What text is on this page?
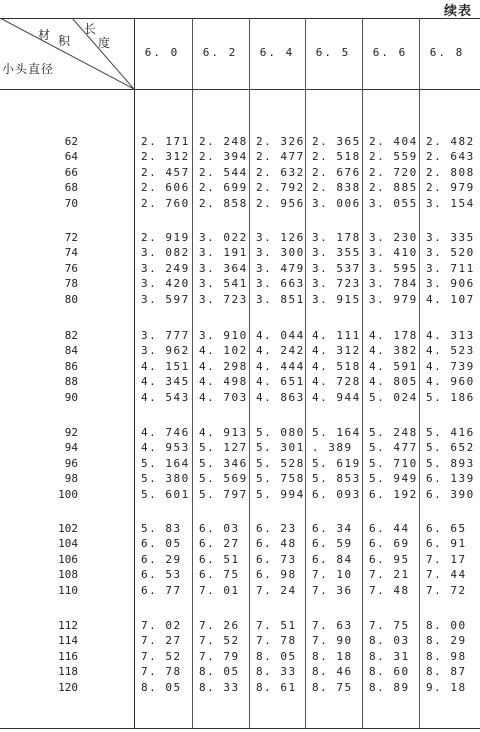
续表
长
度
材 积
小头直径
6. 0	6. 2	6. 4	6. 5	6. 6	6. 8
62	2. 171 2. 248 2. 326 2. 365 2. 404 2. 482
64	2. 312 2. 394 2. 477 2. 518 2. 559 2. 643
66	2. 457 2. 544 2. 632 2. 676 2. 720 2. 808
68	2. 606 2. 699 2. 792 2. 838 2. 885 2. 979
70	2. 760 2. 858 2. 956 3. 006 3. 055 3. 154
72	2. 919 3. 022 3. 126 3. 178 3. 230 3. 335
74	3. 082 3. 191 3. 300 3. 355 3. 410 3. 520
76	3. 249 3. 364 3. 479 3. 537 3. 595 3. 711
78	3. 420 3. 541 3. 663 3. 723 3. 784 3. 906
80	3. 597 3. 723 3. 851 3. 915 3. 979 4. 107
82	3. 777 3. 910 4. 044 4. 111 4. 178 4. 313
84	3. 962 4. 102 4. 242 4. 312 4. 382 4. 523
86	4. 151 4. 298 4. 444 4. 518 4. 591 4. 739
88	4. 345 4. 498 4. 651 4. 728 4. 805 4. 960
90	4. 543 4. 703 4. 863 4. 944 5. 024 5. 186
92	4. 746 4. 913 5. 080 5. 164 5. 248 5. 416
94	4. 953 5. 127 5. 301 . 389 5. 477 5. 652
96	5. 164 5. 346 5. 528 5. 619 5. 710 5. 893
98	5. 380 5. 569 5. 758 5. 853 5. 949 6. 139
100	5. 601 5. 797 5. 994 6. 093 6. 192 6. 390
102	5. 83 6. 03 6. 23 6. 34 6. 44 6. 65
104	6. 05 6. 27 6. 48 6. 59 6. 69 6. 91
106	6. 29 6. 51 6. 73 6. 84 6. 95 7. 17
108	6. 53 6. 75 6. 98 7. 10 7. 21 7. 44
110	6. 77 7. 01 7. 24 7. 36 7. 48 7. 72
112	7. 02 7. 26 7. 51 7. 63 7. 75 8. 00
114	7. 27 7. 52 7. 78 7. 90 8. 03 8. 29
116	7. 52 7. 79 8. 05 8. 18 8. 31 8. 98
118	7. 78 8. 05 8. 33 8. 46 8. 60 8. 87
120	8. 05 8. 33 8. 61 8. 75 8. 89 9. 18
